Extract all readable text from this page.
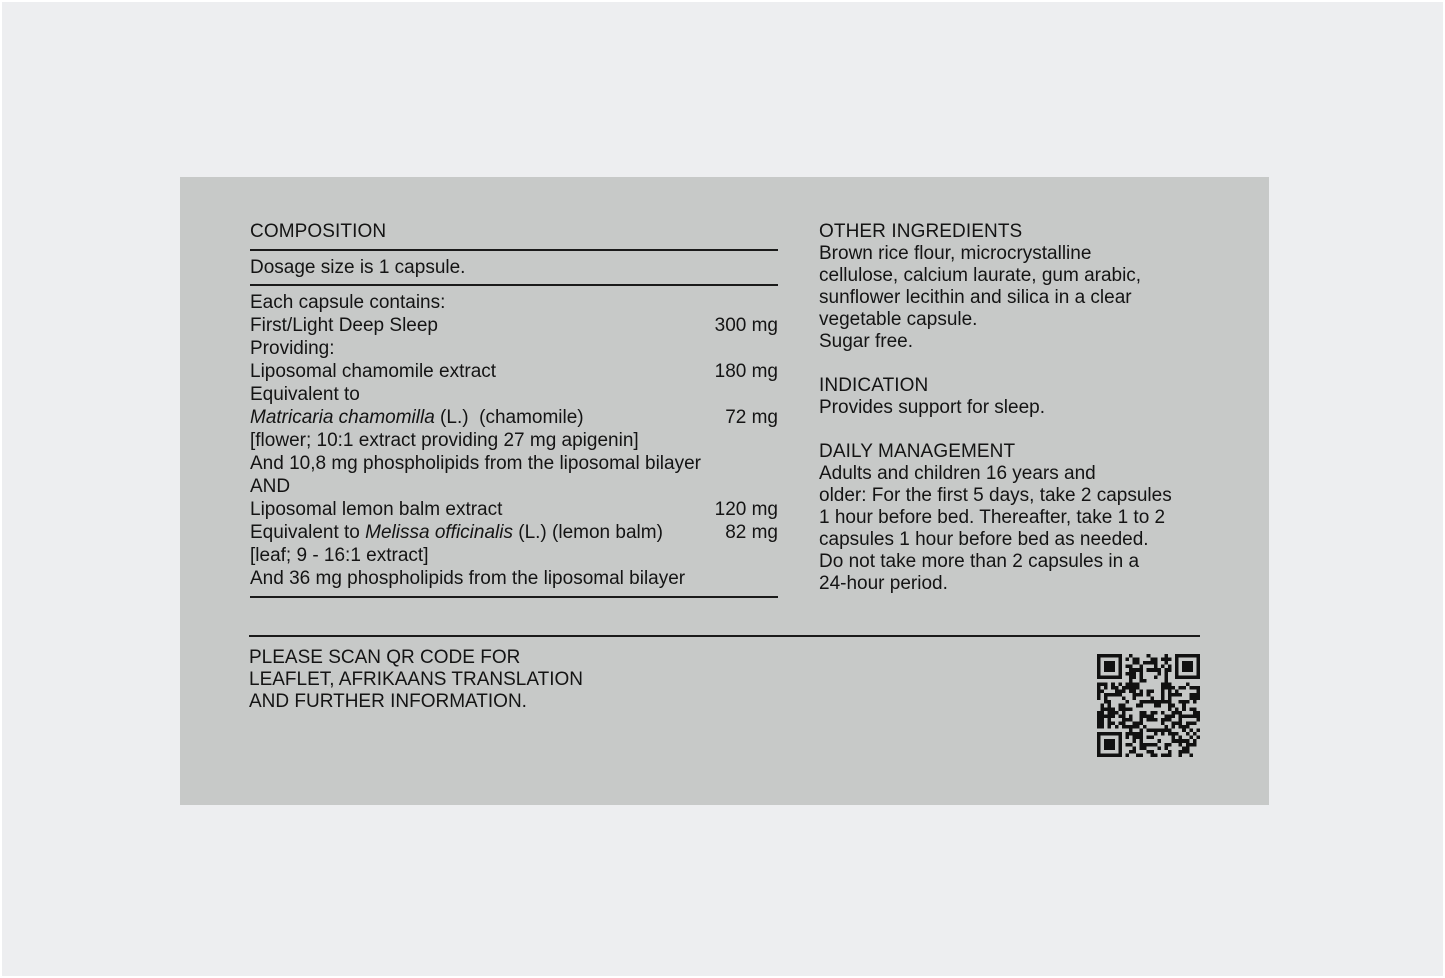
COMPOSITION
Dosage size is 1 capsule.
Each capsule contains:
First/Light Deep Sleep	300 mg
Providing:
Liposomal chamomile extract	180 mg
Equivalent to
Matricaria chamomilla (L.)  (chamomile)	72 mg
[flower; 10:1 extract providing 27 mg apigenin]
And 10,8 mg phospholipids from the liposomal bilayer
AND
Liposomal lemon balm extract	120 mg
Equivalent to Melissa officinalis (L.) (lemon balm)	82 mg
[leaf; 9 - 16:1 extract]
And 36 mg phospholipids from the liposomal bilayer
OTHER INGREDIENTS
Brown rice flour, microcrystalline
cellulose, calcium laurate, gum arabic,
sunflower lecithin and silica in a clear
vegetable capsule.
Sugar free.
INDICATION
Provides support for sleep.
DAILY MANAGEMENT
Adults and children 16 years and
older: For the first 5 days, take 2 capsules
1 hour before bed. Thereafter, take 1 to 2
capsules 1 hour before bed as needed.
Do not take more than 2 capsules in a
24-hour period.
PLEASE SCAN QR CODE FOR
LEAFLET, AFRIKAANS TRANSLATION
AND FURTHER INFORMATION.
